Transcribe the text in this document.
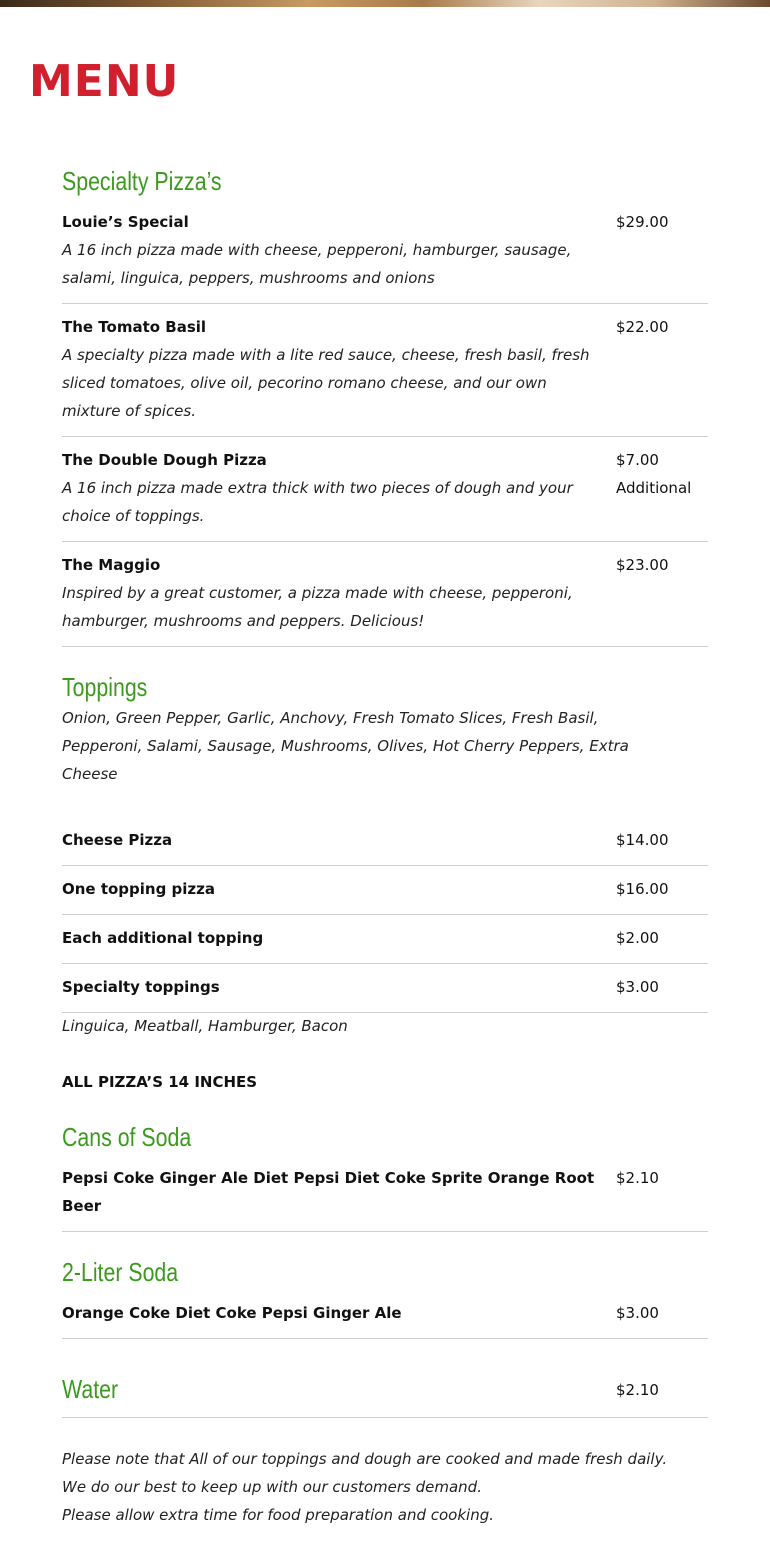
MENU
Specialty Pizza’s
Louie’s Special	$29.00
A 16 inch pizza made with cheese, pepperoni, hamburger, sausage, salami, linguica, peppers, mushrooms and onions
The Tomato Basil	$22.00
A specialty pizza made with a lite red sauce, cheese, fresh basil, fresh sliced tomatoes, olive oil, pecorino romano cheese, and our own mixture of spices.
The Double Dough Pizza	$7.00
Additional
A 16 inch pizza made extra thick with two pieces of dough and your choice of toppings.
The Maggio	$23.00
Inspired by a great customer, a pizza made with cheese, pepperoni, hamburger, mushrooms and peppers. Delicious!
Toppings
Onion, Green Pepper, Garlic, Anchovy, Fresh Tomato Slices, Fresh Basil, Pepperoni, Salami, Sausage, Mushrooms, Olives, Hot Cherry Peppers, Extra Cheese
Cheese Pizza	$14.00
One topping pizza	$16.00
Each additional topping	$2.00
Specialty toppings	$3.00
Linguica, Meatball, Hamburger, Bacon
ALL PIZZA’S 14 INCHES
Cans of Soda
Pepsi Coke Ginger Ale Diet Pepsi Diet Coke Sprite Orange Root Beer
$2.10
2-Liter Soda
Orange Coke Diet Coke Pepsi Ginger Ale	$3.00
Water	$2.10
Please note that All of our toppings and dough are cooked and made fresh daily.
We do our best to keep up with our customers demand.
Please allow extra time for food preparation and cooking.
